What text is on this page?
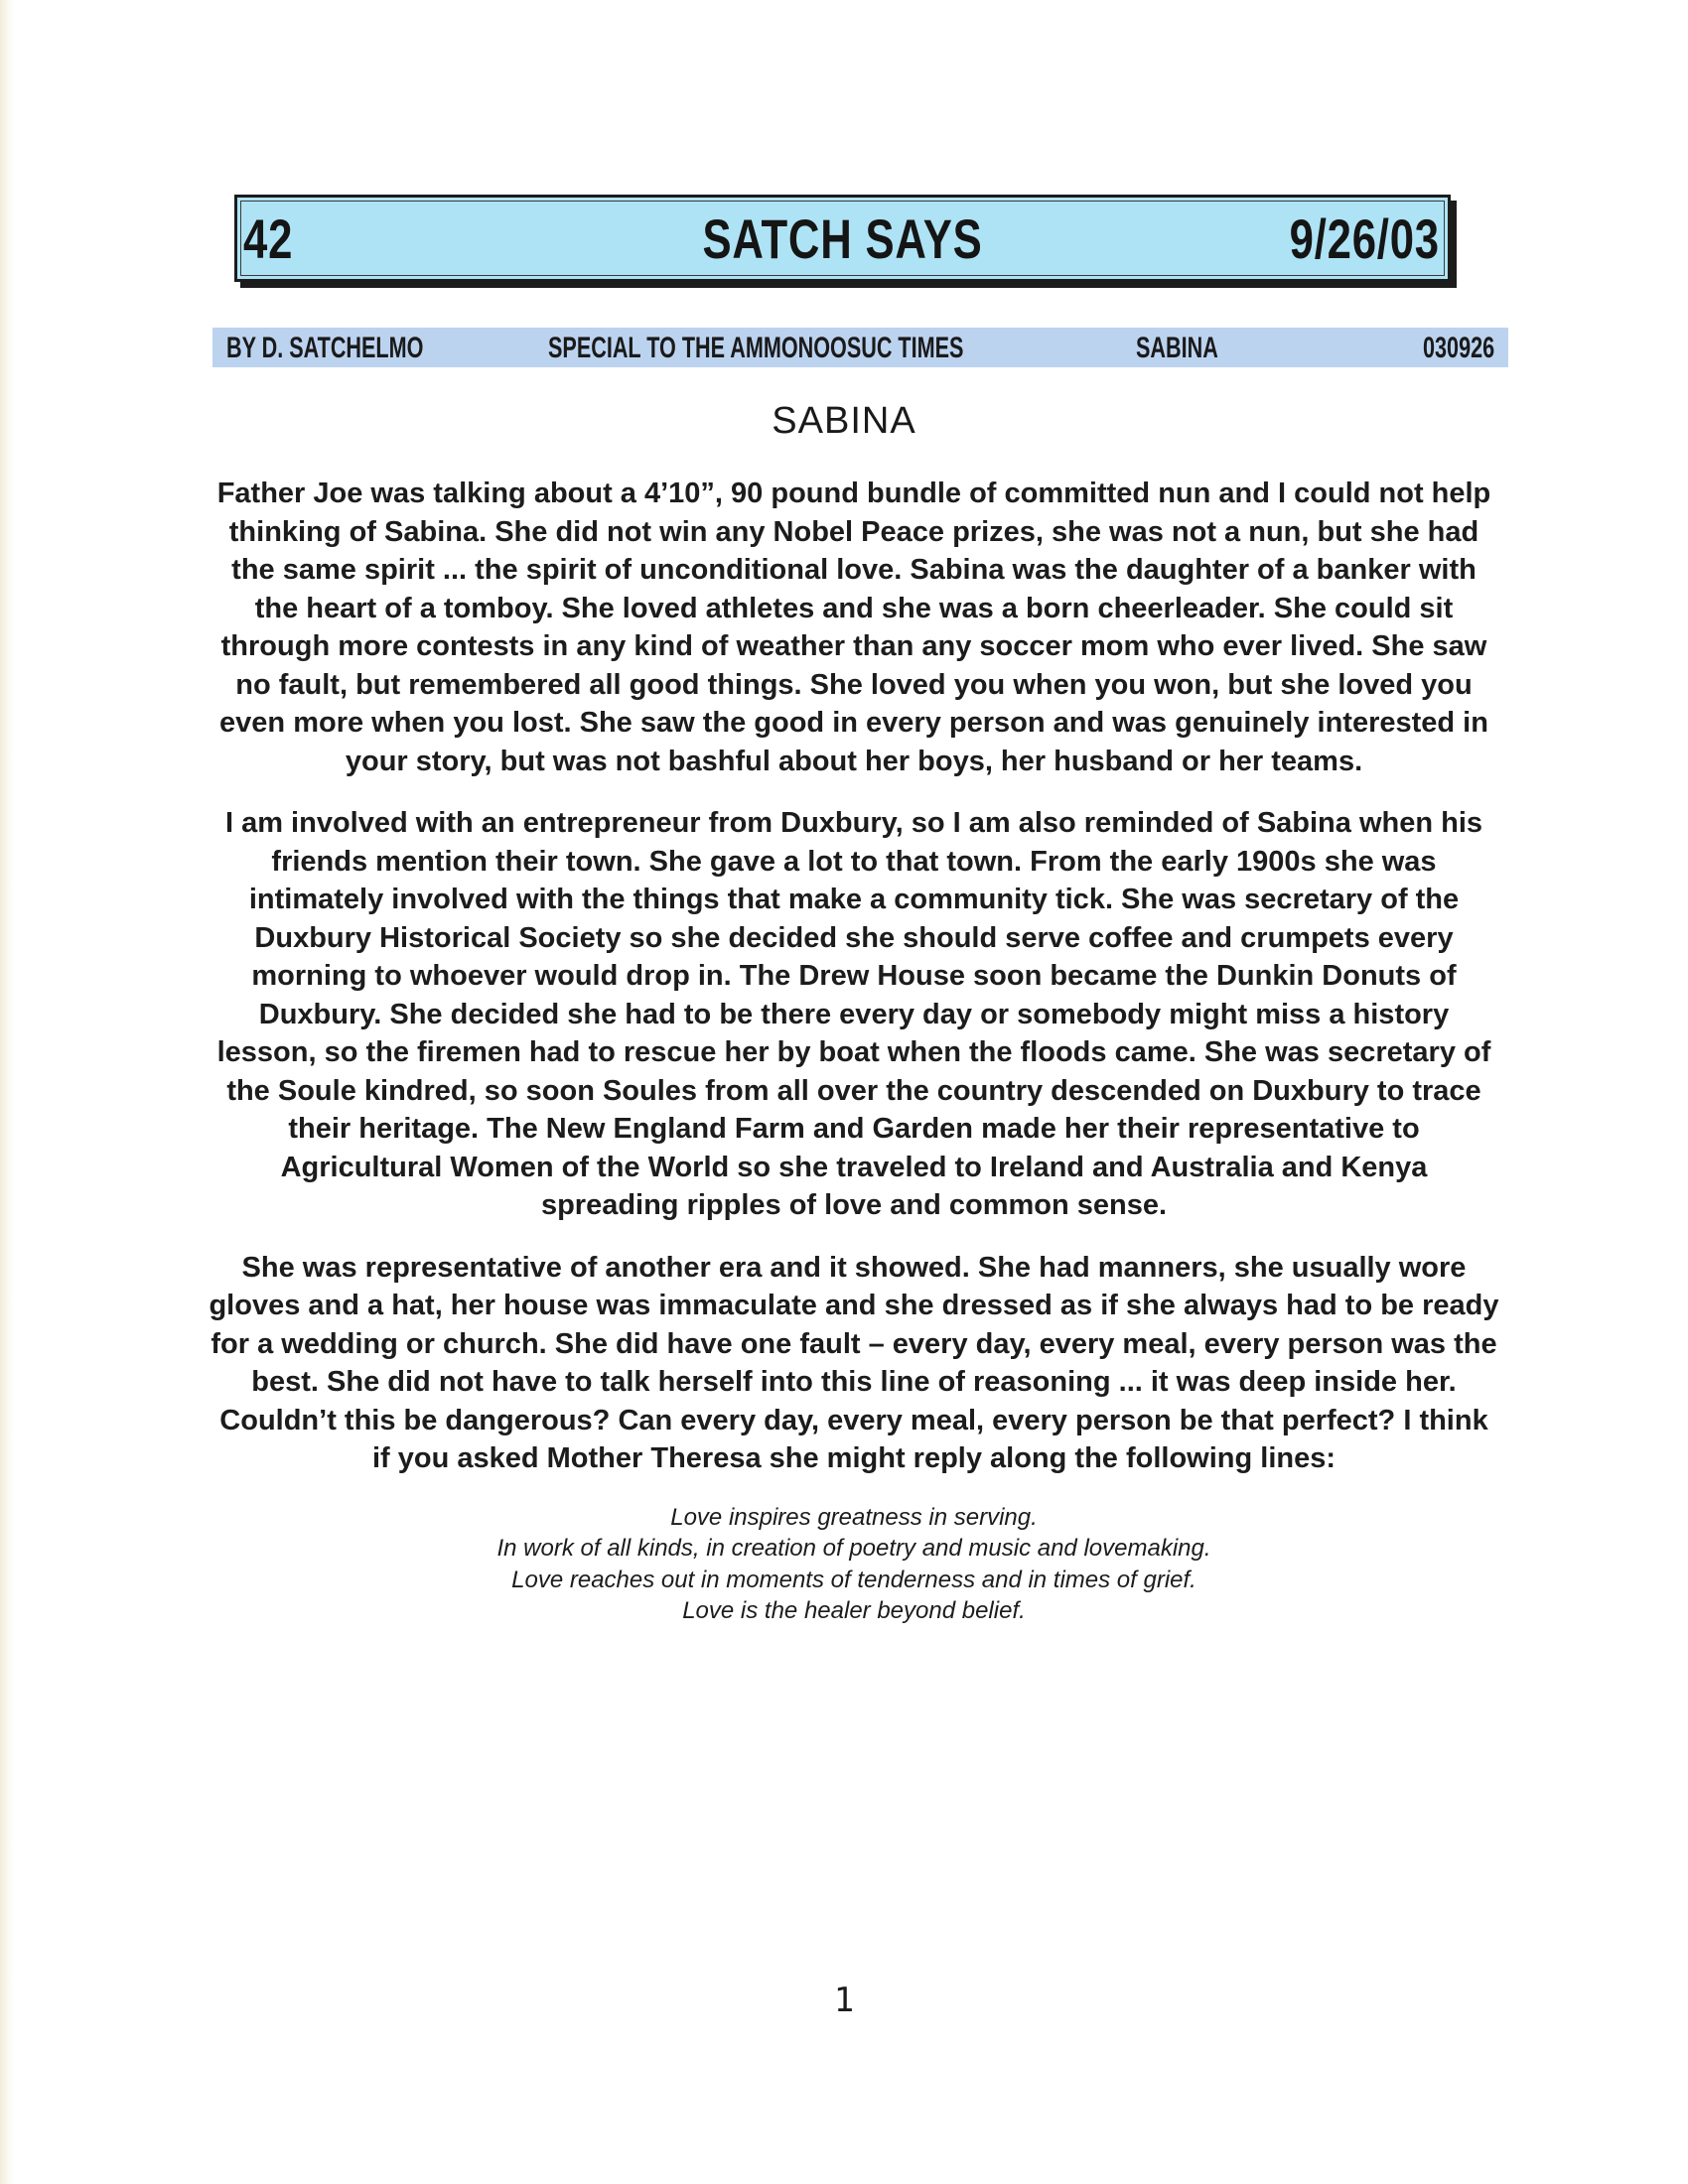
42	SATCH SAYS	9/26/03
BY D. SATCHELMO	SPECIAL TO THE AMMONOOSUC TIMES	SABINA	030926
SABINA

Father Joe was talking about a 4’10”, 90 pound bundle of committed nun and I could not help thinking of Sabina. She did not win any Nobel Peace prizes, she was not a nun, but she had the same spirit ... the spirit of unconditional love. Sabina was the daughter of a banker with the heart of a tomboy. She loved athletes and she was a born cheerleader. She could sit through more contests in any kind of weather than any soccer mom who ever lived. She saw no fault, but remembered all good things. She loved you when you won, but she loved you even more when you lost. She saw the good in every person and was genuinely interested in your story, but was not bashful about her boys, her husband or her teams.

I am involved with an entrepreneur from Duxbury, so I am also reminded of Sabina when his friends mention their town. She gave a lot to that town. From the early 1900s she was intimately involved with the things that make a community tick. She was secretary of the Duxbury Historical Society so she decided she should serve coffee and crumpets every morning to whoever would drop in. The Drew House soon became the Dunkin Donuts of Duxbury. She decided she had to be there every day or somebody might miss a history lesson, so the firemen had to rescue her by boat when the floods came. She was secretary of the Soule kindred, so soon Soules from all over the country descended on Duxbury to trace their heritage. The New England Farm and Garden made her their representative to Agricultural Women of the World so she traveled to Ireland and Australia and Kenya spreading ripples of love and common sense.

She was representative of another era and it showed. She had manners, she usually wore gloves and a hat, her house was immaculate and she dressed as if she always had to be ready for a wedding or church. She did have one fault – every day, every meal, every person was the best. She did not have to talk herself into this line of reasoning ... it was deep inside her. Couldn’t this be dangerous? Can every day, every meal, every person be that perfect? I think if you asked Mother Theresa she might reply along the following lines:

Love inspires greatness in serving.
In work of all kinds, in creation of poetry and music and lovemaking.
Love reaches out in moments of tenderness and in times of grief.
Love is the healer beyond belief.
1
